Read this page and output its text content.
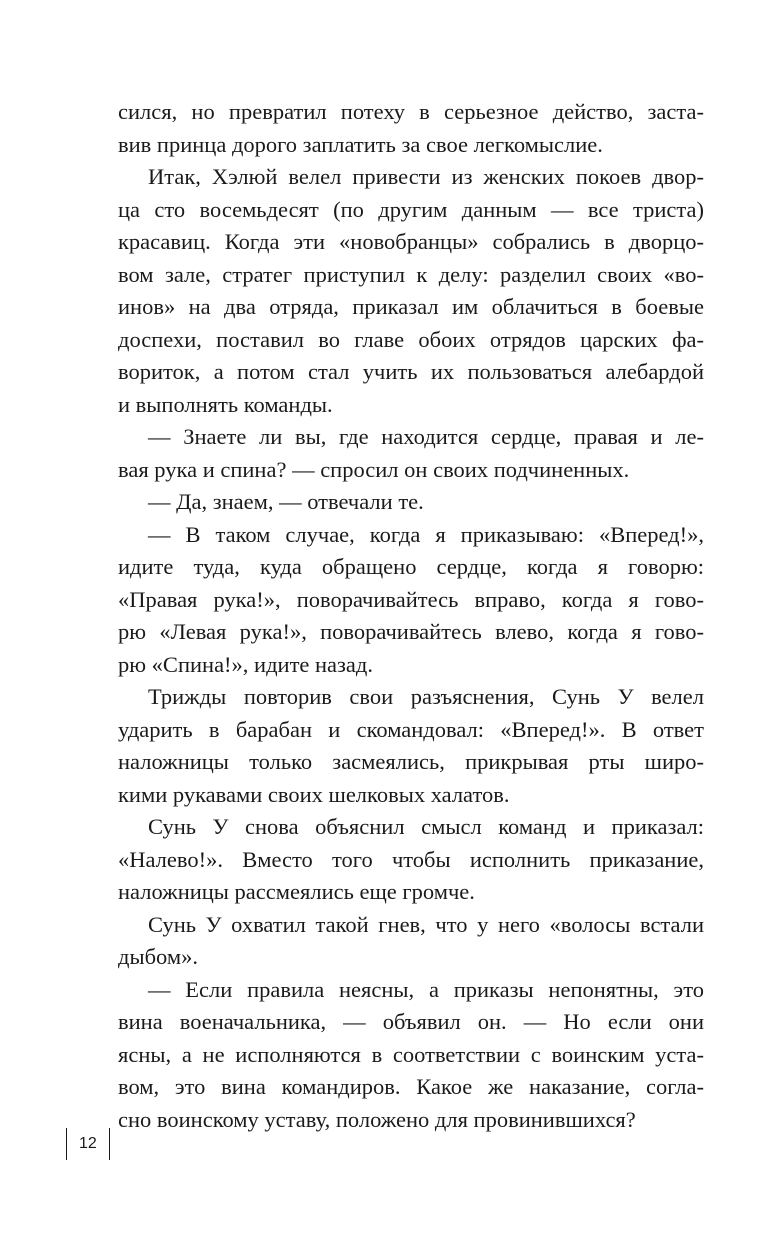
сился, но превратил потеху в серьезное действо, заста-
вив принца дорого заплатить за свое легкомыслие.
Итак, Хэлюй велел привести из женских покоев двор-
ца сто восемьдесят (по другим данным — все триста)
красавиц. Когда эти «новобранцы» собрались в дворцо-
вом зале, стратег приступил к делу: разделил своих «во-
инов» на два отряда, приказал им облачиться в боевые
доспехи, поставил во главе обоих отрядов царских фа-
вориток, а потом стал учить их пользоваться алебардой
и выполнять команды.
— Знаете ли вы, где находится сердце, правая и ле-
вая рука и спина? — спросил он своих подчиненных.
— Да, знаем, — отвечали те.
— В таком случае, когда я приказываю: «Вперед!»,
идите туда, куда обращено сердце, когда я говорю:
«Правая рука!», поворачивайтесь вправо, когда я гово-
рю «Левая рука!», поворачивайтесь влево, когда я гово-
рю «Спина!», идите назад.
Трижды повторив свои разъяснения, Сунь У велел
ударить в барабан и скомандовал: «Вперед!». В ответ
наложницы только засмеялись, прикрывая рты широ-
кими рукавами своих шелковых халатов.
Сунь У снова объяснил смысл команд и приказал:
«Налево!». Вместо того чтобы исполнить приказание,
наложницы рассмеялись еще громче.
Сунь У охватил такой гнев, что у него «волосы встали
дыбом».
— Если правила неясны, а приказы непонятны, это
вина военачальника, — объявил он. — Но если они
ясны, а не исполняются в соответствии с воинским уста-
вом, это вина командиров. Какое же наказание, согла-
сно воинскому уставу, положено для провинившихся?
12
